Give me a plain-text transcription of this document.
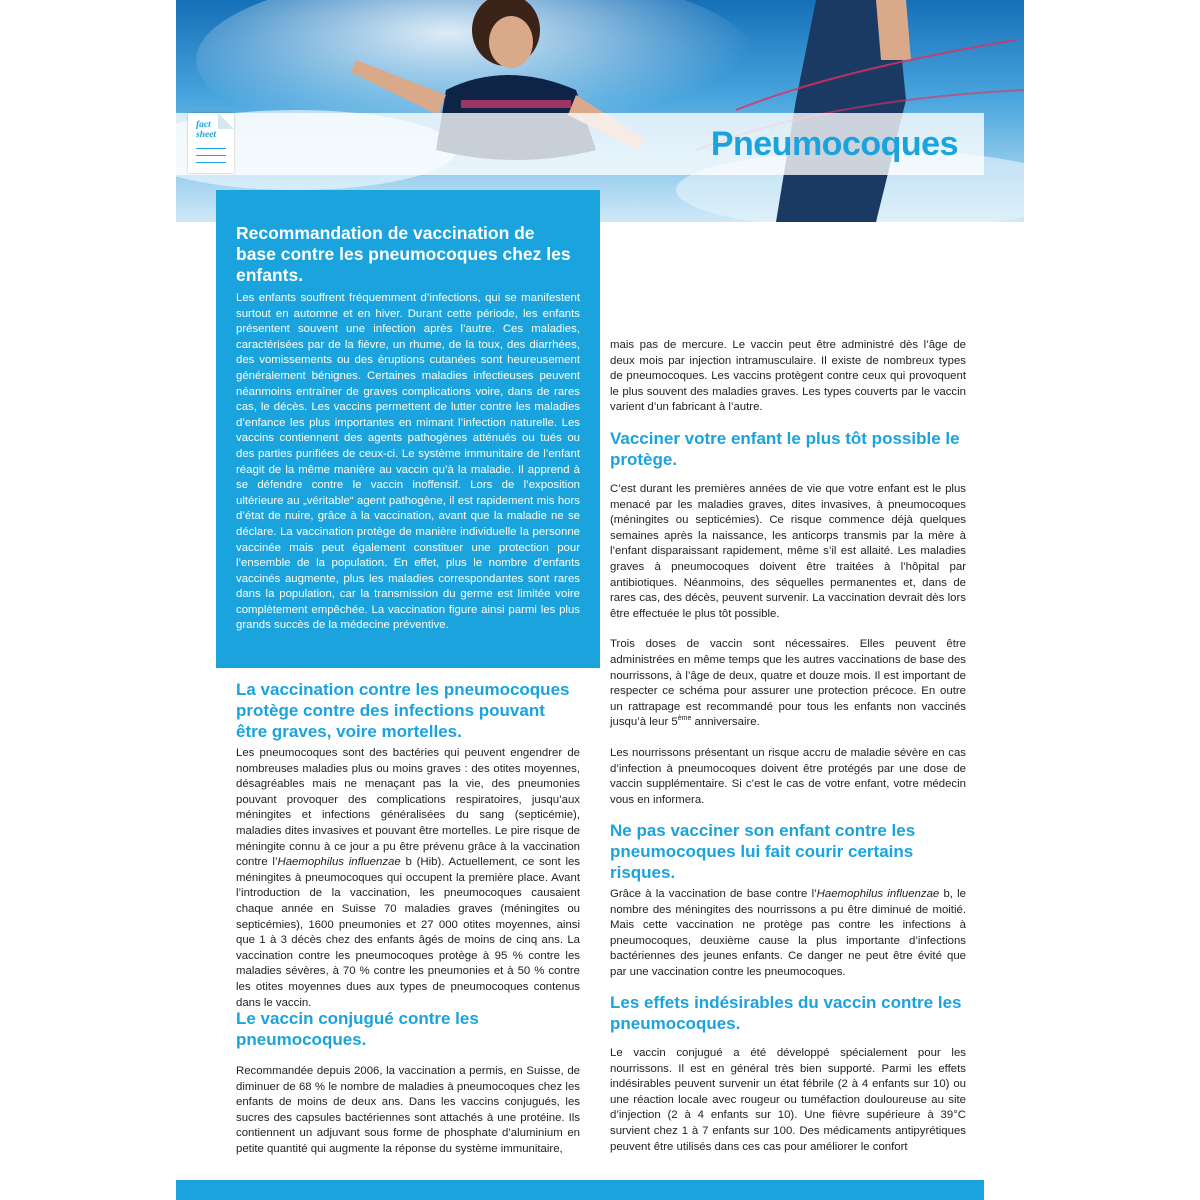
Pneumocoques
fact
sheet
Recommandation de vaccination de base contre les pneumocoques chez les enfants.

Les enfants souffrent fréquemment d’infections, qui se manifestent surtout en automne et en hiver. Durant cette période, les enfants présentent souvent une infection après l’autre. Ces maladies, caractérisées par de la fièvre, un rhume, de la toux, des diarrhées, des vomissements ou des éruptions cutanées sont heureusement généralement bénignes. Certaines maladies infectieuses peuvent néanmoins entraîner de graves complications voire, dans de rares cas, le décès. Les vaccins permettent de lutter contre les maladies d’enfance les plus importantes en mimant l’infection naturelle. Les vaccins contiennent des agents pathogènes atténués ou tués ou des parties purifiées de ceux-ci. Le système immunitaire de l’enfant réagit de la même manière au vaccin qu’à la maladie. Il apprend à se défendre contre le vaccin inoffensif. Lors de l’exposition ultérieure au „véritable“ agent pathogène, il est rapidement mis hors d’état de nuire, grâce à la vaccination, avant que la maladie ne se déclare. La vaccination protège de manière individuelle la personne vaccinée mais peut également constituer une protection pour l’ensemble de la population. En effet, plus le nombre d’enfants vaccinés augmente, plus les maladies correspondantes sont rares dans la population, car la transmission du germe est limitée voire complètement empêchée. La vaccination figure ainsi parmi les plus grands succès de la médecine préventive.

La vaccination contre les pneumocoques protège contre des infections pouvant être graves, voire mortelles.

Les pneumocoques sont des bactéries qui peuvent engendrer de nombreuses maladies plus ou moins graves : des otites moyennes, désagréables mais ne menaçant pas la vie, des pneumonies pouvant provoquer des complications respiratoires, jusqu’aux méningites et infections généralisées du sang (septicémie), maladies dites invasives et pouvant être mortelles. Le pire risque de méningite connu à ce jour a pu être prévenu grâce à la vaccination contre l’Haemophilus influenzae b (Hib). Actuellement, ce sont les méningites à pneumocoques qui occupent la première place. Avant l’introduction de la vaccination, les pneumocoques causaient chaque année en Suisse 70 maladies graves (méningites ou septicémies), 1600 pneumonies et 27 000 otites moyennes, ainsi que 1 à 3 décès chez des enfants âgés de moins de cinq ans. La vaccination contre les pneumocoques protège à 95 % contre les maladies sévères, à 70 % contre les pneumonies et à 50 % contre les otites moyennes dues aux types de pneumocoques contenus dans le vaccin.

Le vaccin conjugué contre les pneumocoques.

Recommandée depuis 2006, la vaccination a permis, en Suisse, de diminuer de 68 % le nombre de maladies à pneumocoques chez les enfants de moins de deux ans. Dans les vaccins conjugués, les sucres des capsules bactériennes sont attachés à une protéine. Ils contiennent un adjuvant sous forme de phosphate d’aluminium en petite quantité qui augmente la réponse du système immunitaire,

mais pas de mercure. Le vaccin peut être administré dès l’âge de deux mois par injection intramusculaire. Il existe de nombreux types de pneumocoques. Les vaccins protègent contre ceux qui provoquent le plus souvent des maladies graves. Les types couverts par le vaccin varient d’un fabricant à l’autre.

Vacciner votre enfant le plus tôt possible le protège.

C’est durant les premières années de vie que votre enfant est le plus menacé par les maladies graves, dites invasives, à pneumocoques (méningites ou septicémies). Ce risque commence déjà quelques semaines après la naissance, les anticorps transmis par la mère à l’enfant disparaissant rapidement, même s’il est allaité. Les maladies graves à pneumocoques doivent être traitées à l’hôpital par antibiotiques. Néanmoins, des séquelles permanentes et, dans de rares cas, des décès, peuvent survenir. La vaccination devrait dès lors être effectuée le plus tôt possible.

Trois doses de vaccin sont nécessaires. Elles peuvent être administrées en même temps que les autres vaccinations de base des nourrissons, à l’âge de deux, quatre et douze mois. Il est important de respecter ce schéma pour assurer une protection précoce. En outre un rattrapage est recommandé pour tous les enfants non vaccinés jusqu’à leur 5ème anniversaire.

Les nourrissons présentant un risque accru de maladie sévère en cas d’infection à pneumocoques doivent être protégés par une dose de vaccin supplémentaire. Si c’est le cas de votre enfant, votre médecin vous en informera.

Ne pas vacciner son enfant contre les pneumocoques lui fait courir certains risques.

Grâce à la vaccination de base contre l’Haemophilus influenzae b, le nombre des méningites des nourrissons a pu être diminué de moitié. Mais cette vaccination ne protège pas contre les infections à pneumocoques, deuxième cause la plus importante d’infections bactériennes des jeunes enfants. Ce danger ne peut être évité que par une vaccination contre les pneumocoques.

Les effets indésirables du vaccin contre les pneumocoques.

Le vaccin conjugué a été développé spécialement pour les nourrissons. Il est en général très bien supporté. Parmi les effets indésirables peuvent survenir un état fébrile (2 à 4 enfants sur 10) ou une réaction locale avec rougeur ou tuméfaction douloureuse au site d’injection (2 à 4 enfants sur 10). Une fièvre supérieure à 39°C survient chez 1 à 7 enfants sur 100. Des médicaments antipyrétiques peuvent être utilisés dans ces cas pour améliorer le confort
